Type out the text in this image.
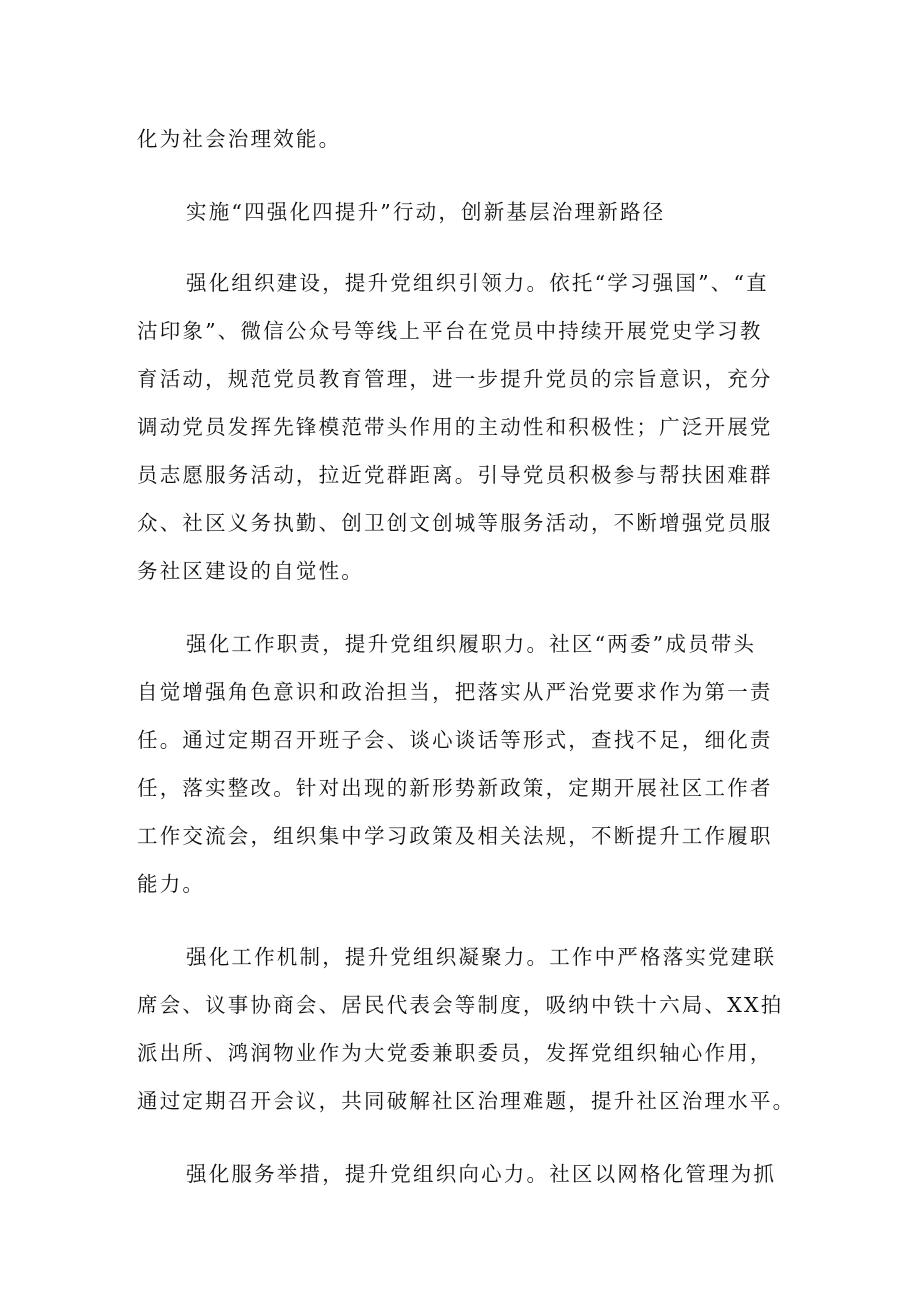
化为社会治理效能。
实施“四强化四提升”行动，创新基层治理新路径
强化组织建设，提升党组织引领力。依托“学习强国”、“直
沽印象”、微信公众号等线上平台在党员中持续开展党史学习教
育活动，规范党员教育管理，进一步提升党员的宗旨意识，充分
调动党员发挥先锋模范带头作用的主动性和积极性；广泛开展党
员志愿服务活动，拉近党群距离。引导党员积极参与帮扶困难群
众、社区义务执勤、创卫创文创城等服务活动，不断增强党员服
务社区建设的自觉性。
强化工作职责，提升党组织履职力。社区“两委”成员带头
自觉增强角色意识和政治担当，把落实从严治党要求作为第一责
任。通过定期召开班子会、谈心谈话等形式，查找不足，细化责
任，落实整改。针对出现的新形势新政策，定期开展社区工作者
工作交流会，组织集中学习政策及相关法规，不断提升工作履职
能力。
强化工作机制，提升党组织凝聚力。工作中严格落实党建联
席会、议事协商会、居民代表会等制度，吸纳中铁十六局、XX拍
派出所、鸿润物业作为大党委兼职委员，发挥党组织轴心作用，
通过定期召开会议，共同破解社区治理难题，提升社区治理水平。
强化服务举措，提升党组织向心力。社区以网格化管理为抓
